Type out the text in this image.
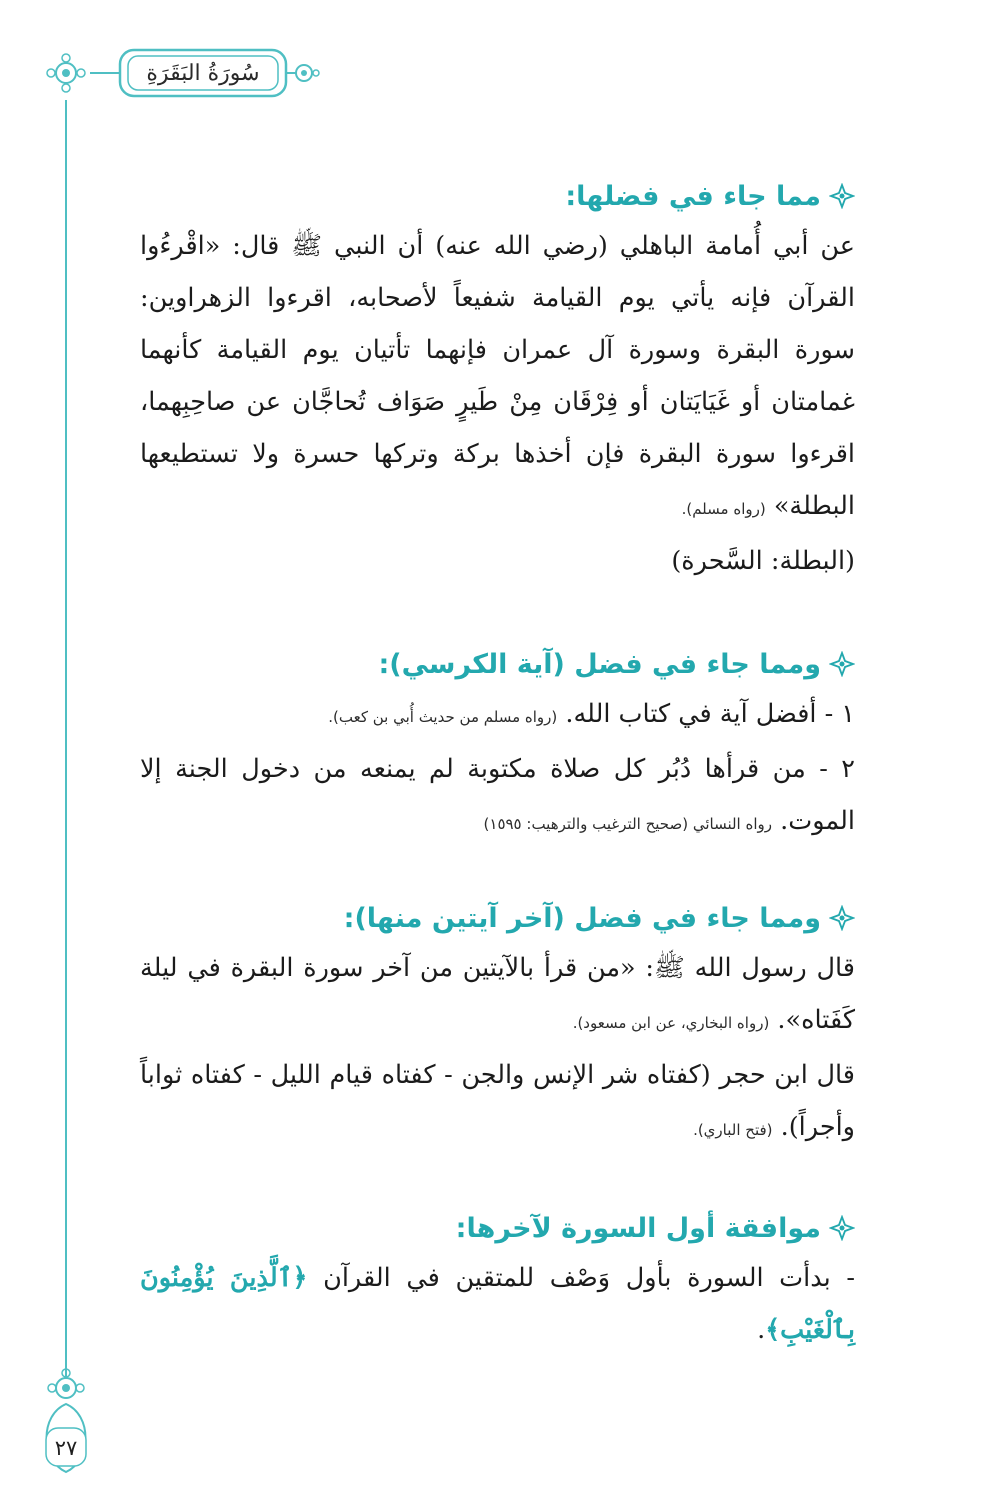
سُورَةُ البَقَرَةِ
٢٧
مما جاء في فضلها:

عن أبي أُمامة الباهلي (رضي الله عنه) أن النبي ﷺ قال: «اقْرءُوا القرآن فإنه يأتي يوم القيامة شفيعاً لأصحابه، اقرءوا الزهراوين: سورة البقرة وسورة آل عمران فإنهما تأتيان يوم القيامة كأنهما غمامتان أو غَيَايَتان أو فِرْقَان مِنْ طَيرٍ صَوَاف تُحاجَّان عن صاحِبِهما، اقرءوا سورة البقرة فإن أخذها بركة وتركها حسرة ولا تستطيعها البطلة» (رواه مسلم).

(البطلة: السَّحرة)

ومما جاء في فضل (آية الكرسي):

١ - أفضل آية في كتاب الله. (رواه مسلم من حديث أُبي بن كعب).

٢ - من قرأها دُبُر كل صلاة مكتوبة لم يمنعه من دخول الجنة إلا الموت. رواه النسائي (صحيح الترغيب والترهيب: ١٥٩٥)

ومما جاء في فضل (آخر آيتين منها):

قال رسول الله ﷺ: «من قرأ بالآيتين من آخر سورة البقرة في ليلة كَفَتاه». (رواه البخاري، عن ابن مسعود).

قال ابن حجر (كفتاه شر الإنس والجن - كفتاه قيام الليل - كفتاه ثواباً وأجراً). (فتح الباري).

موافقة أول السورة لآخرها:

- بدأت السورة بأول وَصْف للمتقين في القرآن ﴿ٱلَّذِينَ يُؤْمِنُونَ بِٱلْغَيْبِ﴾.
